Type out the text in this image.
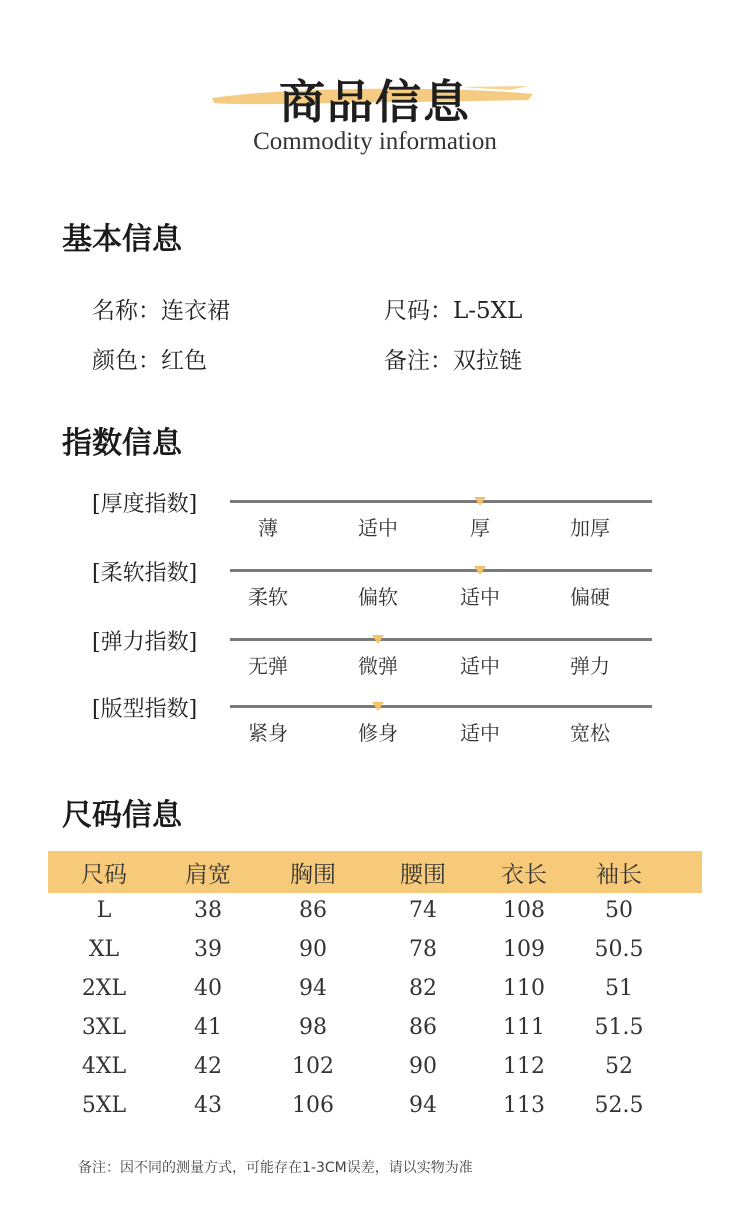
商品信息
Commodity information
基本信息
名称：连衣裙	尺码：L-5XL
颜色：红色	备注：双拉链
指数信息
[厚度指数]
薄	适中	厚	加厚
[柔软指数]
柔软	偏软	适中	偏硬
[弹力指数]
无弹	微弹	适中	弹力
[版型指数]
紧身	修身	适中	宽松
尺码信息
尺码	肩宽	胸围	腰围	衣长	袖长
L	38	86	74	108	50
XL	39	90	78	109	50.5
2XL	40	94	82	110	51
3XL	41	98	86	111	51.5
4XL	42	102	90	112	52
5XL	43	106	94	113	52.5
备注：因不同的测量方式，可能存在1-3CM误差，请以实物为准
